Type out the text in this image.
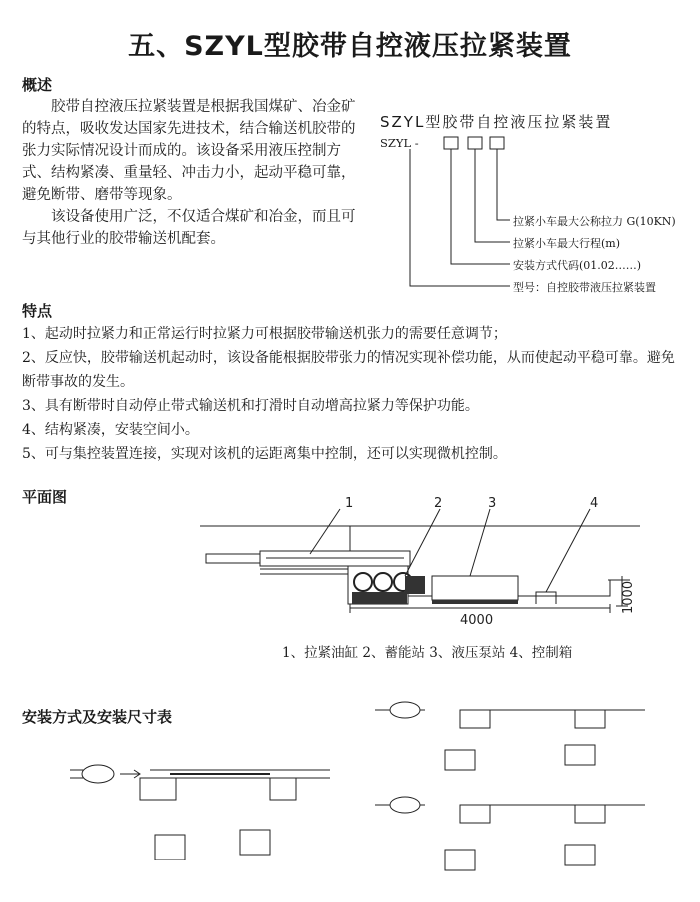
五、SZYL型胶带自控液压拉紧装置
概述

胶带自控液压拉紧装置是根据我国煤矿、冶金矿的特点，吸收发达国家先进技术，结合输送机胶带的张力实际情况设计而成的。该设备采用液压控制方式、结构紧凑、重量轻、冲击力小，起动平稳可靠，避免断带、磨带等现象。

该设备使用广泛，不仅适合煤矿和冶金，而且可与其他行业的胶带输送机配套。

SZYL型胶带自控液压拉紧装置
SZYL -
拉紧小车最大公称拉力 G(10KN)
拉紧小车最大行程(m)
安装方式代码(01.02……)
型号：自控胶带液压拉紧装置
特点
1、起动时拉紧力和正常运行时拉紧力可根据胶带输送机张力的需要任意调节；
2、反应快，胶带输送机起动时，该设备能根据胶带张力的情况实现补偿功能，从而使起动平稳可靠。避免断带事故的发生。
3、具有断带时自动停止带式输送机和打滑时自动增高拉紧力等保护功能。
4、结构紧凑，安装空间小。
5、可与集控装置连接，实现对该机的运距离集中控制，还可以实现微机控制。
平面图	1	2	3	4
4000
1000
1、拉紧油缸 2、蓄能站 3、液压泵站 4、控制箱
安装方式及安装尺寸表
